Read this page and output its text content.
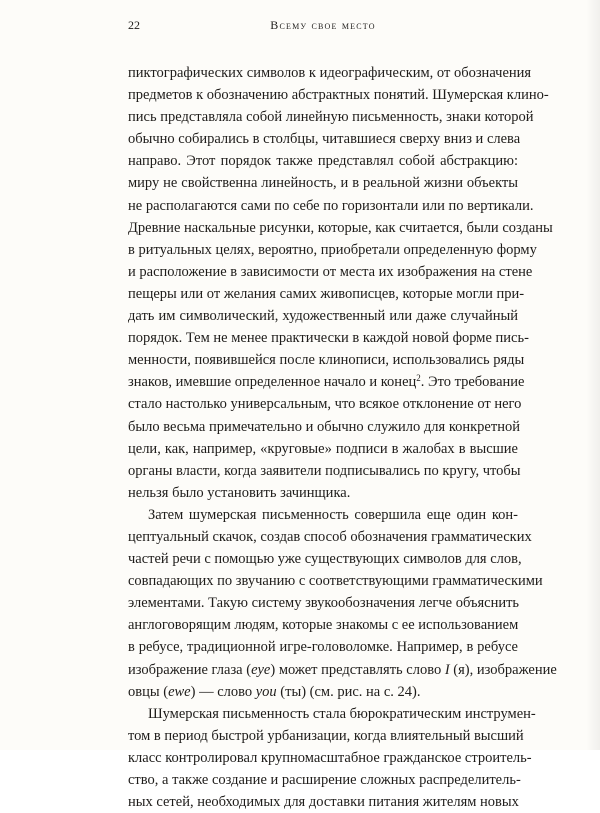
22	Всему свое место
пиктографических символов к идеографическим, от обозначения
предметов к обозначению абстрактных понятий. Шумерская клино-
пись представляла собой линейную письменность, знаки которой
обычно собирались в столбцы, читавшиеся сверху вниз и слева
направо. Этот порядок также представлял собой абстракцию:
миру не свойственна линейность, и в реальной жизни объекты
не располагаются сами по себе по горизонтали или по вертикали.
Древние наскальные рисунки, которые, как считается, были созданы
в ритуальных целях, вероятно, приобретали определенную форму
и расположение в зависимости от места их изображения на стене
пещеры или от желания самих живописцев, которые могли при-
дать им символический, художественный или даже случайный
порядок. Тем не менее практически в каждой новой форме пись-
менности, появившейся после клинописи, использовались ряды
знаков, имевшие определенное начало и конец$^2$. Это требование
стало настолько универсальным, что всякое отклонение от него
было весьма примечательно и обычно служило для конкретной
цели, как, например, «круговые» подписи в жалобах в высшие
органы власти, когда заявители подписывались по кругу, чтобы
нельзя было установить зачинщика.
Затем шумерская письменность совершила еще один кон-
цептуальный скачок, создав способ обозначения грамматических
частей речи с помощью уже существующих символов для слов,
совпадающих по звучанию с соответствующими грамматическими
элементами. Такую систему звукообозначения легче объяснить
англоговорящим людям, которые знакомы с ее использованием
в ребусе, традиционной игре-головоломке. Например, в ребусе
изображение глаза (eye) может представлять слово I (я), изображение
овцы (ewe) — слово you (ты) (см. рис. на с. 24).
Шумерская письменность стала бюрократическим инструмен-
том в период быстрой урбанизации, когда влиятельный высший
класс контролировал крупномасштабное гражданское строитель-
ство, а также создание и расширение сложных распределитель-
ных сетей, необходимых для доставки питания жителям новых
